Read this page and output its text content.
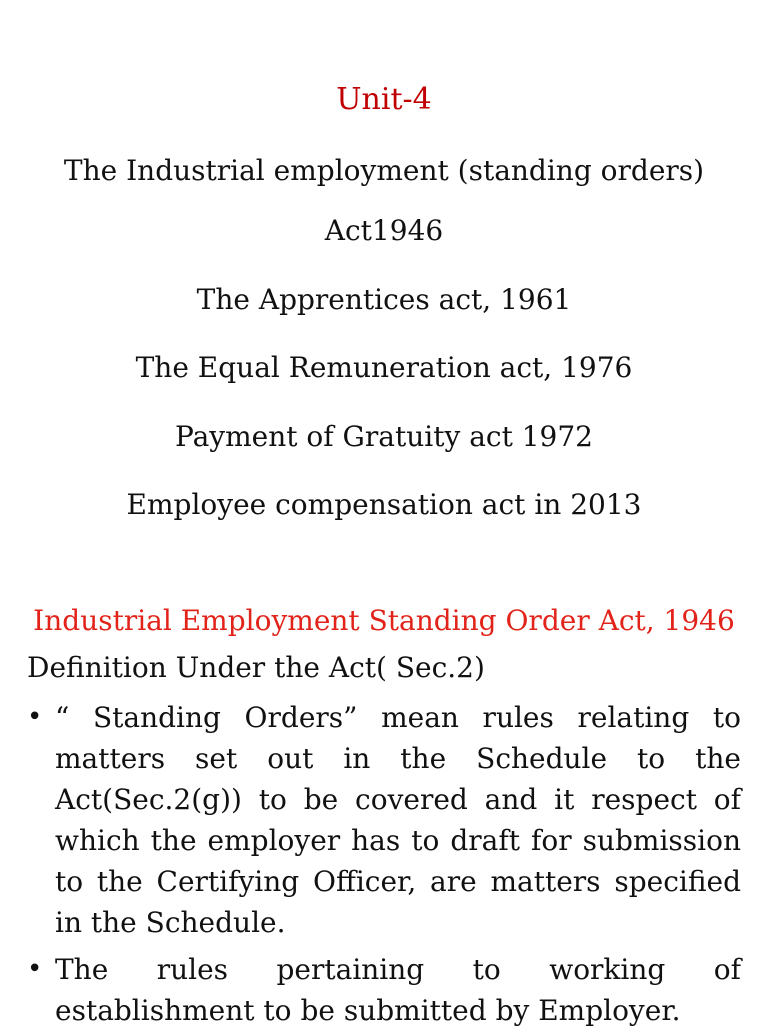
Unit-4
The Industrial employment (standing orders)
Act1946
The Apprentices act, 1961
The Equal Remuneration act, 1976
Payment of Gratuity act 1972
Employee compensation act in 2013
Industrial Employment Standing Order Act, 1946
Definition Under the Act( Sec.2)
• “ Standing Orders” mean rules relating to matters set out in the Schedule to the Act(Sec.2(g)) to be covered and it respect of which the employer has to draft for submission to the Certifying Officer, are matters specified in the Schedule.
• The rules pertaining to working of establishment to be submitted by Employer.
